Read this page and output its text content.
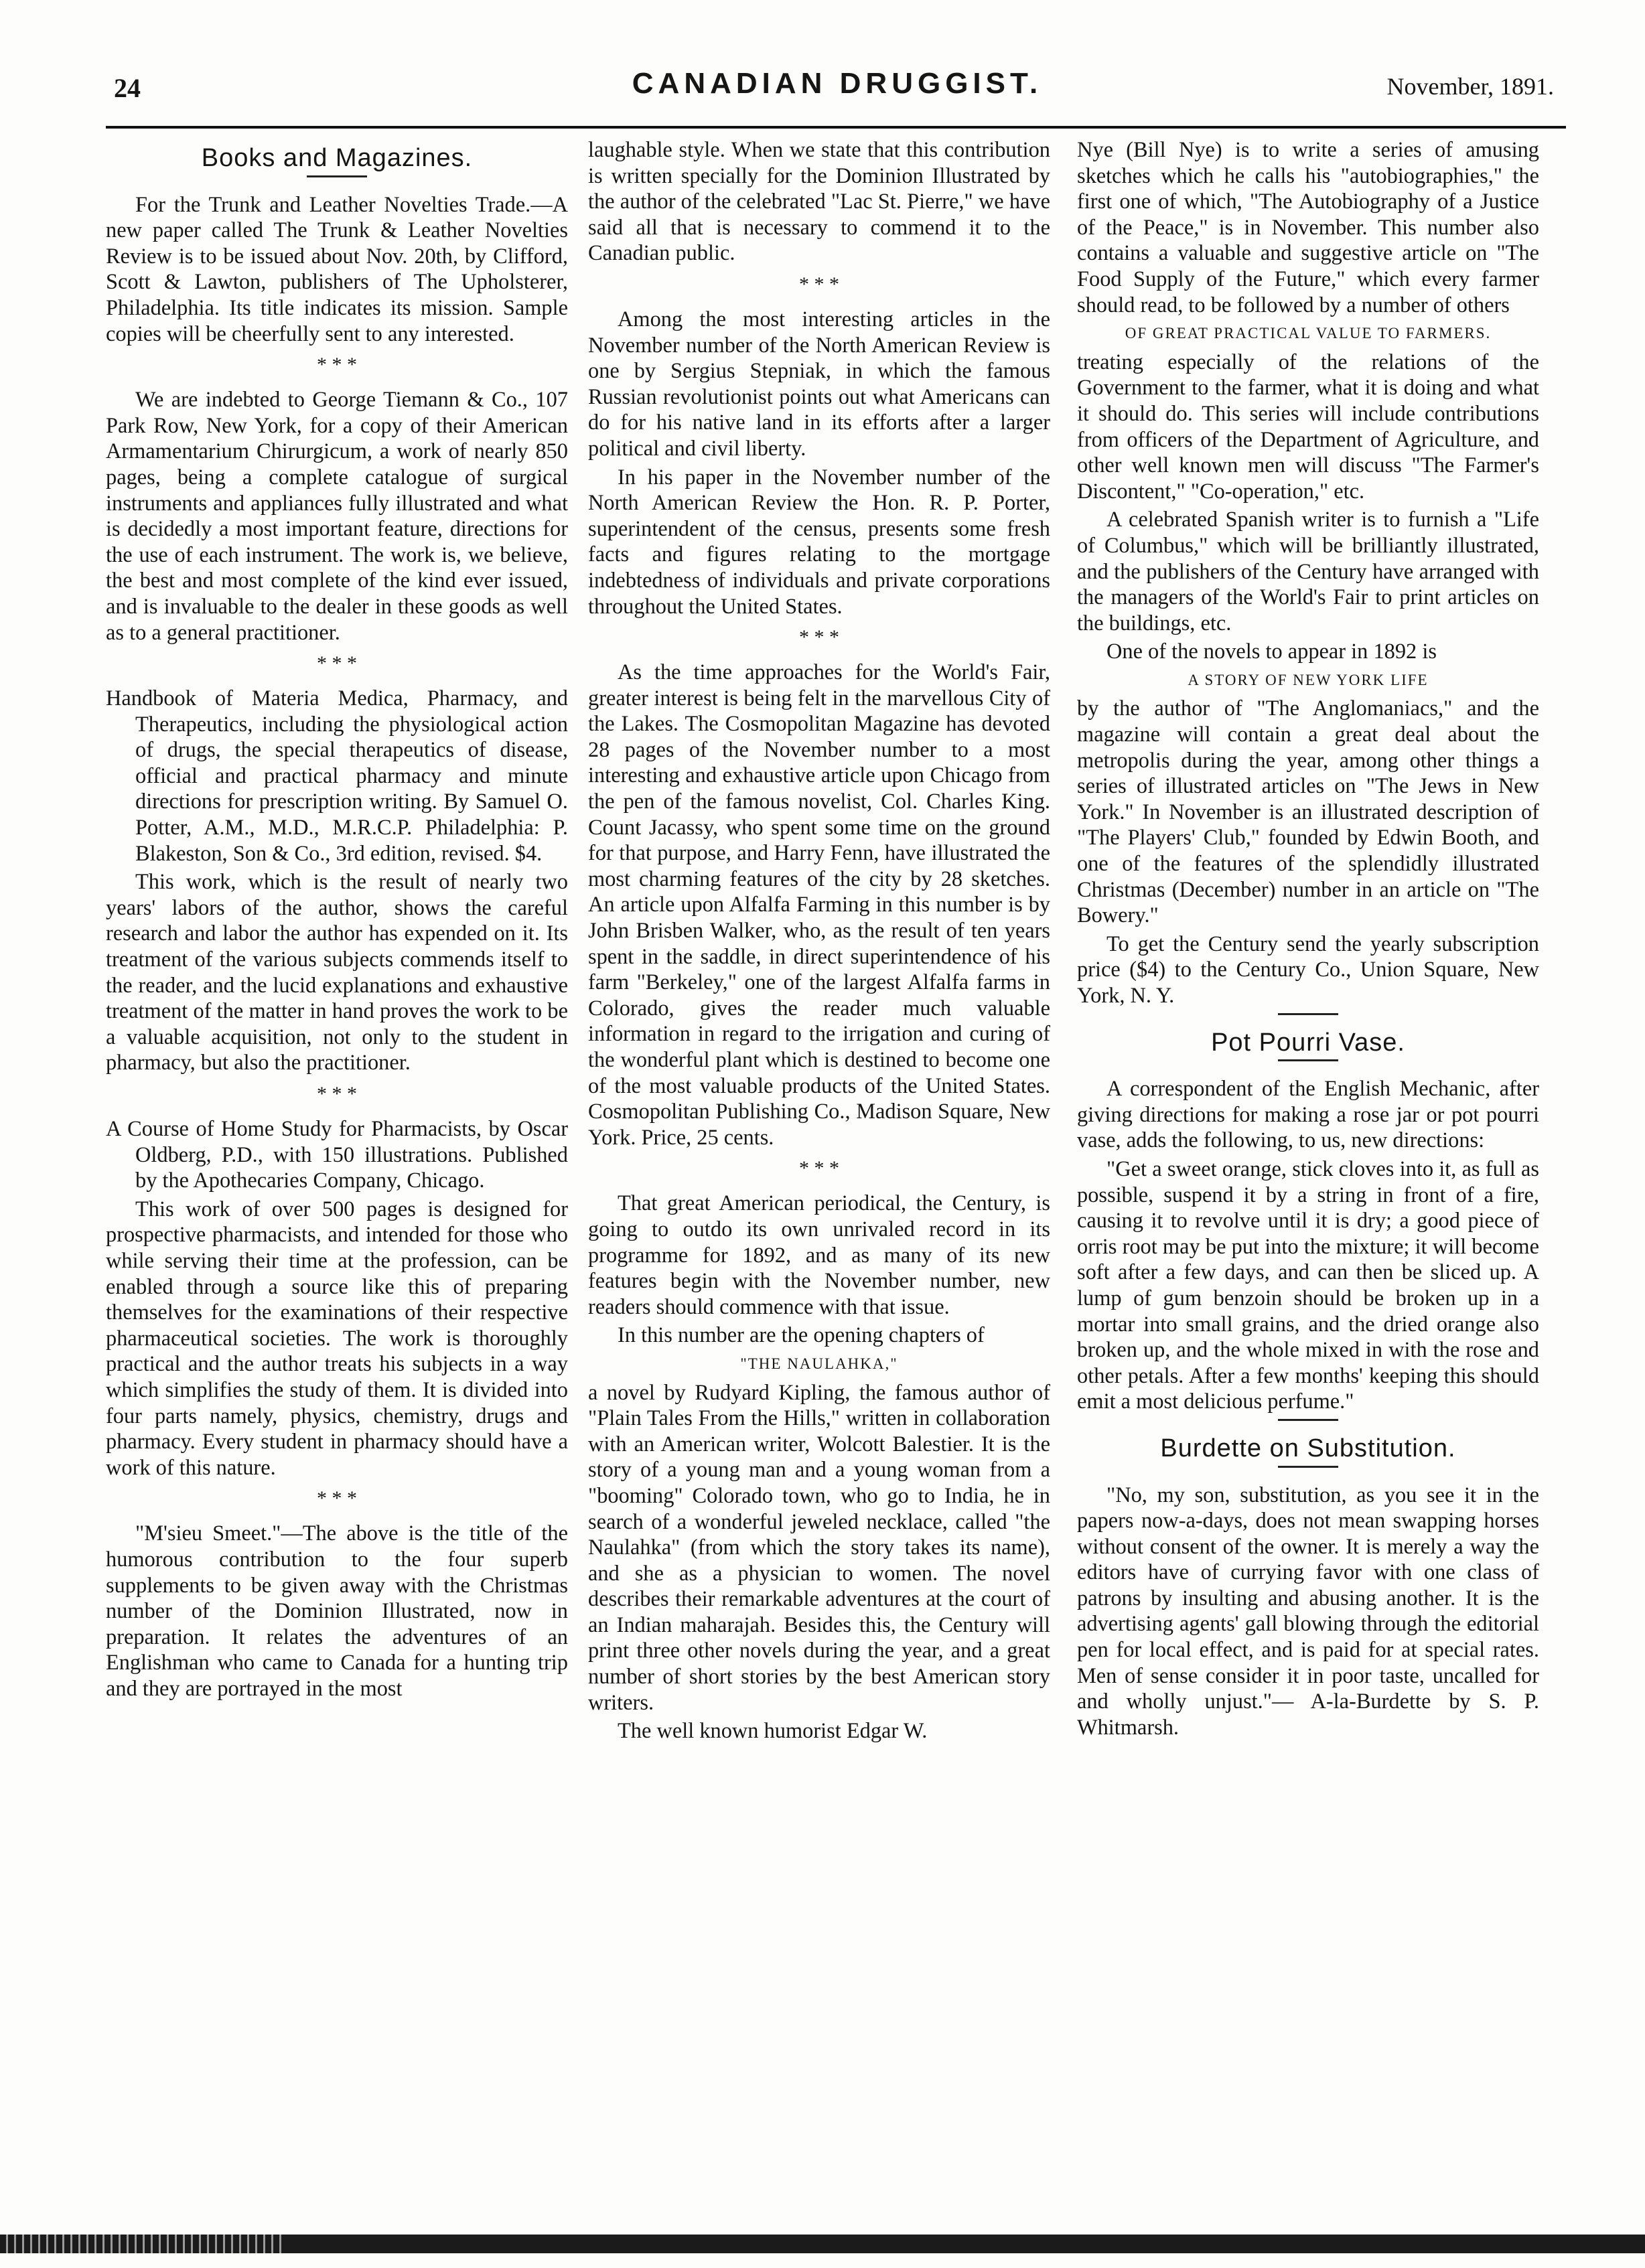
24	CANADIAN DRUGGIST.	November, 1891.
Books and Magazines.

For the Trunk and Leather Novelties Trade.—A new paper called The Trunk & Leather Novelties Review is to be issued about Nov. 20th, by Clifford, Scott & Lawton, publishers of The Upholsterer, Philadelphia. Its title indicates its mission. Sample copies will be cheerfully sent to any interested.

* * *

We are indebted to George Tiemann & Co., 107 Park Row, New York, for a copy of their American Armamentarium Chirurgicum, a work of nearly 850 pages, being a complete catalogue of surgical instruments and appliances fully illustrated and what is decidedly a most important feature, directions for the use of each instrument. The work is, we believe, the best and most complete of the kind ever issued, and is invaluable to the dealer in these goods as well as to a general practitioner.

* * *

Handbook of Materia Medica, Pharmacy, and Therapeutics, including the physiological action of drugs, the special therapeutics of disease, official and practical pharmacy and minute directions for prescription writing. By Samuel O. Potter, A.M., M.D., M.R.C.P. Philadelphia: P. Blakeston, Son & Co., 3rd edition, revised. $4.

This work, which is the result of nearly two years' labors of the author, shows the careful research and labor the author has expended on it. Its treatment of the various subjects commends itself to the reader, and the lucid explanations and exhaustive treatment of the matter in hand proves the work to be a valuable acquisition, not only to the student in pharmacy, but also the practitioner.

* * *

A Course of Home Study for Pharmacists, by Oscar Oldberg, P.D., with 150 illustrations. Published by the Apothecaries Company, Chicago.

This work of over 500 pages is designed for prospective pharmacists, and intended for those who while serving their time at the profession, can be enabled through a source like this of preparing themselves for the examinations of their respective pharmaceutical societies. The work is thoroughly practical and the author treats his subjects in a way which simplifies the study of them. It is divided into four parts namely, physics, chemistry, drugs and pharmacy. Every student in pharmacy should have a work of this nature.

* * *

"M'sieu Smeet."—The above is the title of the humorous contribution to the four superb supplements to be given away with the Christmas number of the Dominion Illustrated, now in preparation. It relates the adventures of an Englishman who came to Canada for a hunting trip and they are portrayed in the most

laughable style. When we state that this contribution is written specially for the Dominion Illustrated by the author of the celebrated "Lac St. Pierre," we have said all that is necessary to commend it to the Canadian public.

* * *

Among the most interesting articles in the November number of the North American Review is one by Sergius Stepniak, in which the famous Russian revolutionist points out what Americans can do for his native land in its efforts after a larger political and civil liberty.

In his paper in the November number of the North American Review the Hon. R. P. Porter, superintendent of the census, presents some fresh facts and figures relating to the mortgage indebtedness of individuals and private corporations throughout the United States.

* * *

As the time approaches for the World's Fair, greater interest is being felt in the marvellous City of the Lakes. The Cosmopolitan Magazine has devoted 28 pages of the November number to a most interesting and exhaustive article upon Chicago from the pen of the famous novelist, Col. Charles King. Count Jacassy, who spent some time on the ground for that purpose, and Harry Fenn, have illustrated the most charming features of the city by 28 sketches. An article upon Alfalfa Farming in this number is by John Brisben Walker, who, as the result of ten years spent in the saddle, in direct superintendence of his farm "Berkeley," one of the largest Alfalfa farms in Colorado, gives the reader much valuable information in regard to the irrigation and curing of the wonderful plant which is destined to become one of the most valuable products of the United States. Cosmopolitan Publishing Co., Madison Square, New York. Price, 25 cents.

* * *

That great American periodical, the Century, is going to outdo its own unrivaled record in its programme for 1892, and as many of its new features begin with the November number, new readers should commence with that issue.

In this number are the opening chapters of

"THE NAULAHKA,"

a novel by Rudyard Kipling, the famous author of "Plain Tales From the Hills," written in collaboration with an American writer, Wolcott Balestier. It is the story of a young man and a young woman from a "booming" Colorado town, who go to India, he in search of a wonderful jeweled necklace, called "the Naulahka" (from which the story takes its name), and she as a physician to women. The novel describes their remarkable adventures at the court of an Indian maharajah. Besides this, the Century will print three other novels during the year, and a great number of short stories by the best American story writers.

The well known humorist Edgar W.

Nye (Bill Nye) is to write a series of amusing sketches which he calls his "autobiographies," the first one of which, "The Autobiography of a Justice of the Peace," is in November. This number also contains a valuable and suggestive article on "The Food Supply of the Future," which every farmer should read, to be followed by a number of others

OF GREAT PRACTICAL VALUE TO FARMERS.

treating especially of the relations of the Government to the farmer, what it is doing and what it should do. This series will include contributions from officers of the Department of Agriculture, and other well known men will discuss "The Farmer's Discontent," "Co-operation," etc.

A celebrated Spanish writer is to furnish a "Life of Columbus," which will be brilliantly illustrated, and the publishers of the Century have arranged with the managers of the World's Fair to print articles on the buildings, etc.

One of the novels to appear in 1892 is

A STORY OF NEW YORK LIFE

by the author of "The Anglomaniacs," and the magazine will contain a great deal about the metropolis during the year, among other things a series of illustrated articles on "The Jews in New York." In November is an illustrated description of "The Players' Club," founded by Edwin Booth, and one of the features of the splendidly illustrated Christmas (December) number in an article on "The Bowery."

To get the Century send the yearly subscription price ($4) to the Century Co., Union Square, New York, N. Y.

Pot Pourri Vase.

A correspondent of the English Mechanic, after giving directions for making a rose jar or pot pourri vase, adds the following, to us, new directions:

"Get a sweet orange, stick cloves into it, as full as possible, suspend it by a string in front of a fire, causing it to revolve until it is dry; a good piece of orris root may be put into the mixture; it will become soft after a few days, and can then be sliced up. A lump of gum benzoin should be broken up in a mortar into small grains, and the dried orange also broken up, and the whole mixed in with the rose and other petals. After a few months' keeping this should emit a most delicious perfume."

Burdette on Substitution.

"No, my son, substitution, as you see it in the papers now-a-days, does not mean swapping horses without consent of the owner. It is merely a way the editors have of currying favor with one class of patrons by insulting and abusing another. It is the advertising agents' gall blowing through the editorial pen for local effect, and is paid for at special rates. Men of sense consider it in poor taste, uncalled for and wholly unjust."— A-la-Burdette by S. P. Whitmarsh.
